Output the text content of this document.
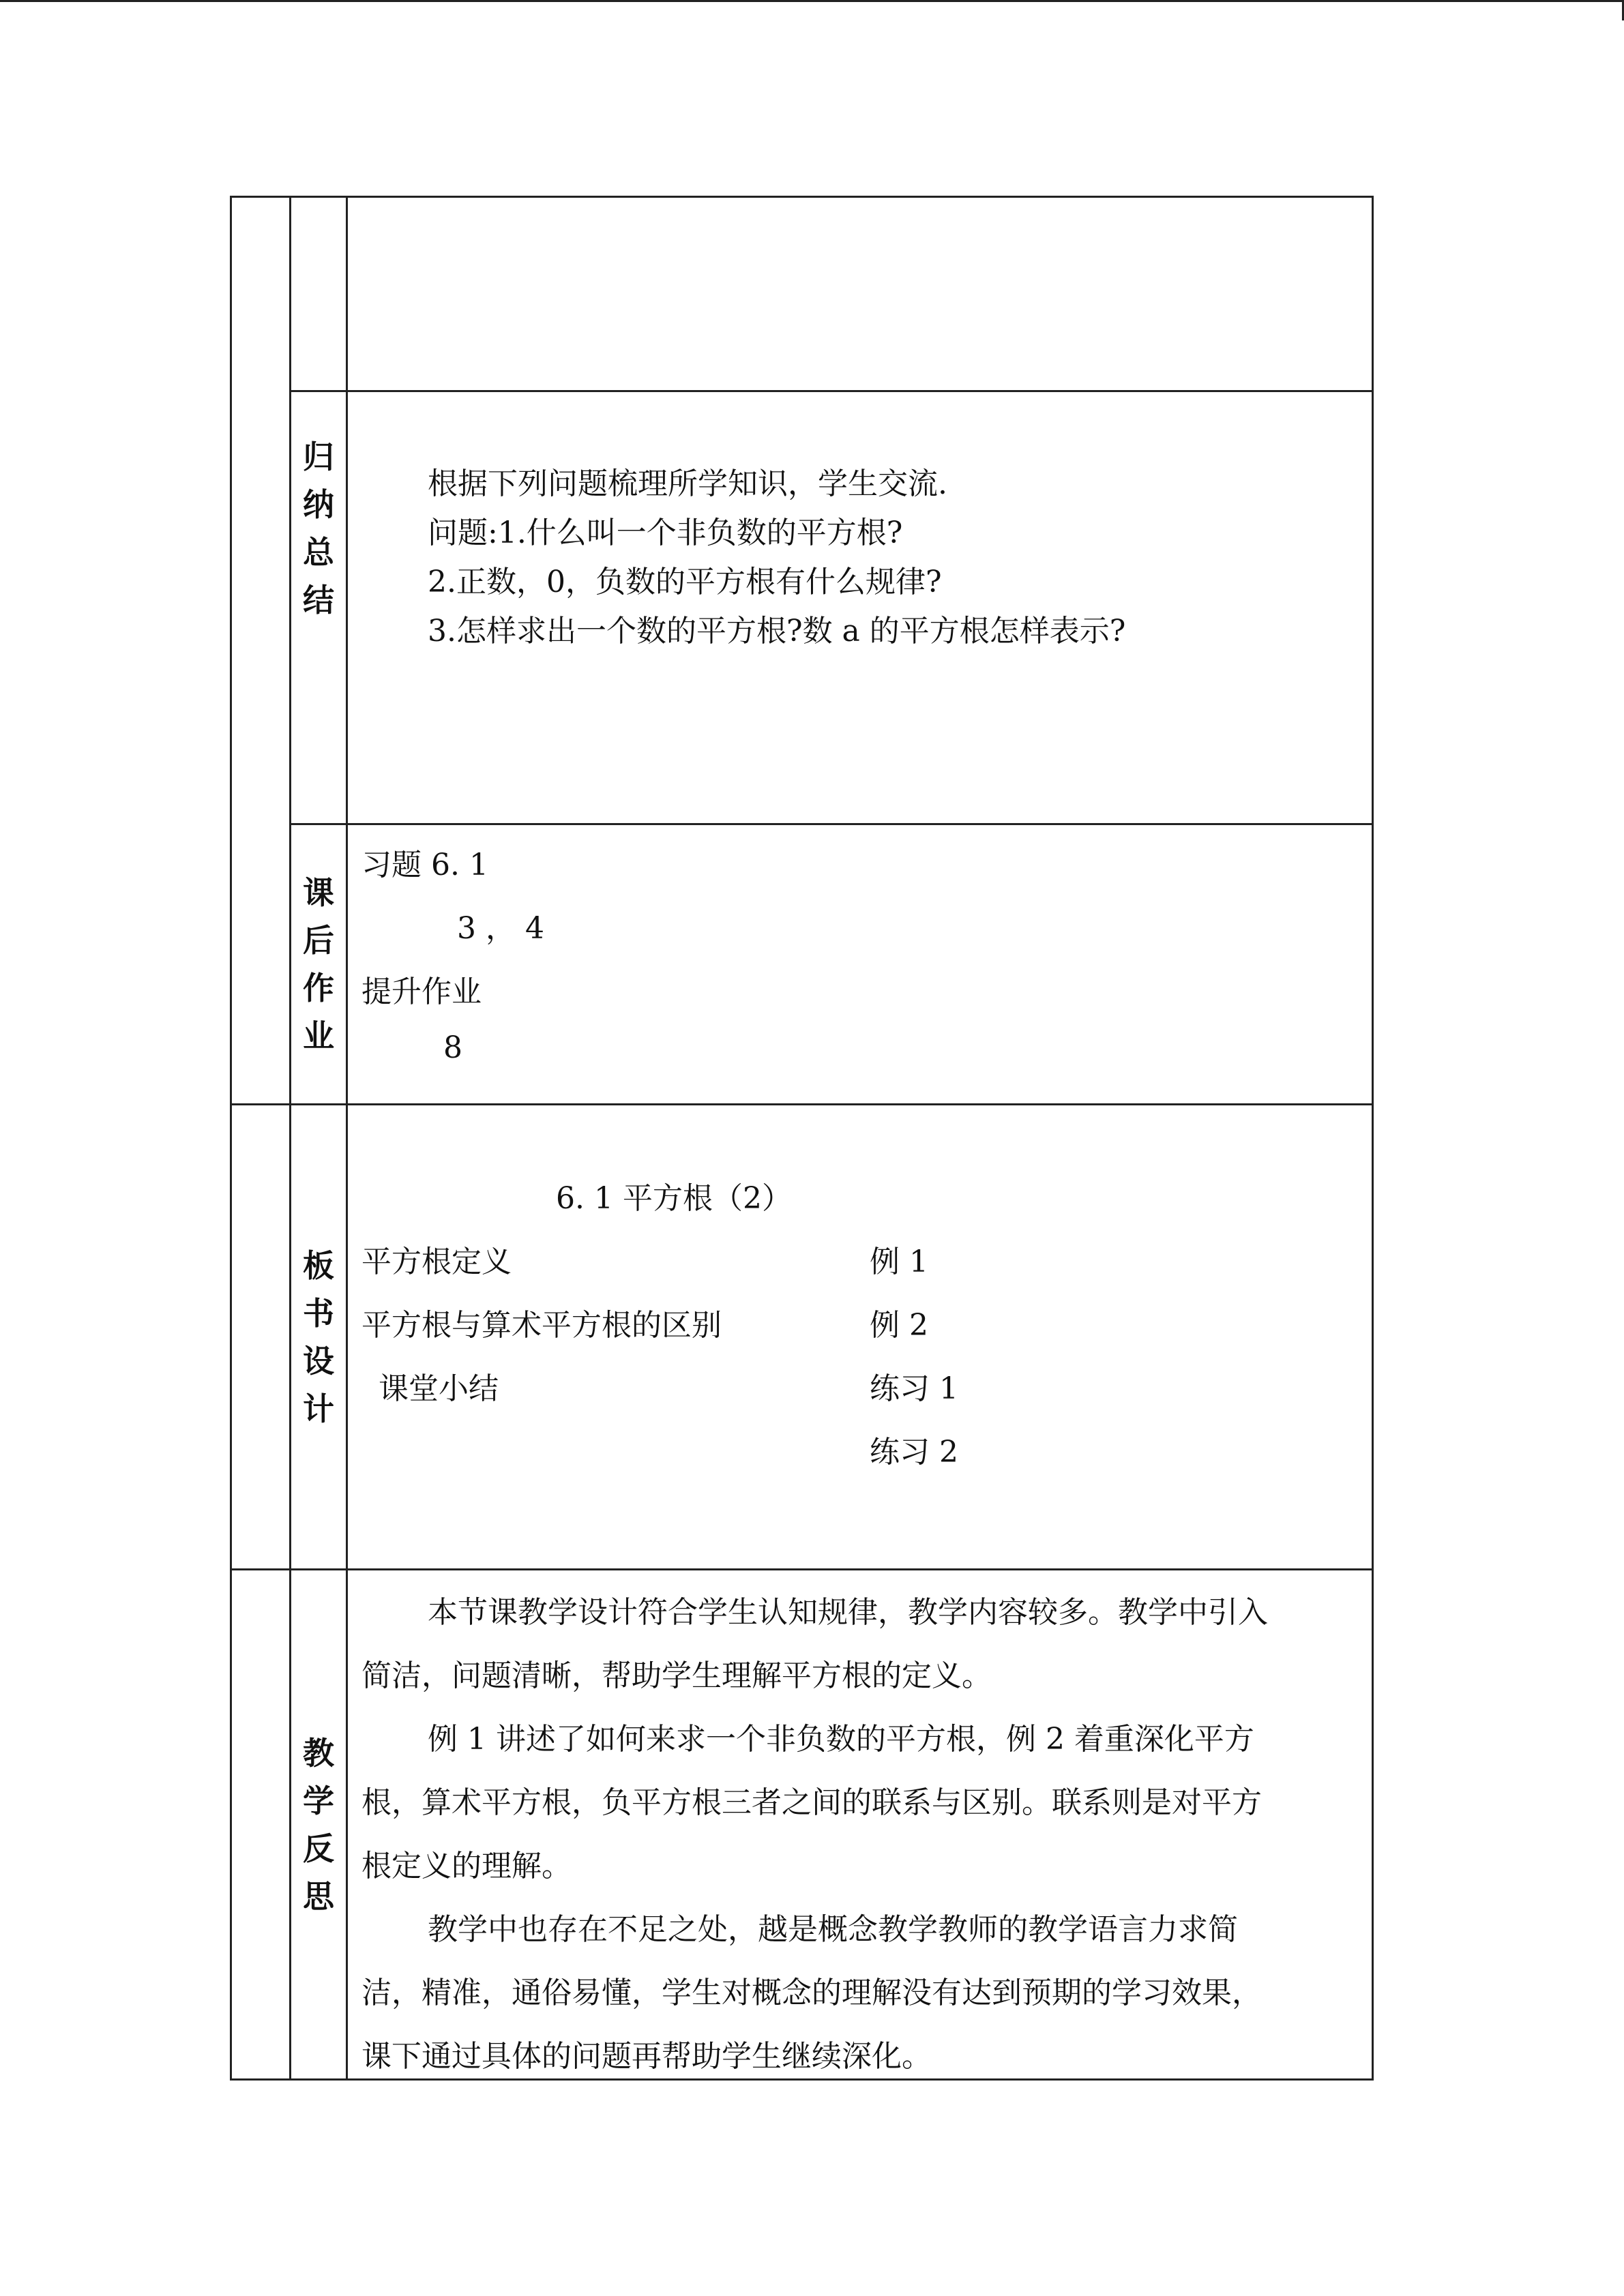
归
纳
总
结
根据下列问题梳理所学知识，学生交流.
问题:1.什么叫一个非负数的平方根?
2.正数，0，负数的平方根有什么规律?
3.怎样求出一个数的平方根?数 a 的平方根怎样表示?
课
后
作
业
习题 6. 1
3 ， 4
提升作业
8
板
书
设
计
6. 1 平方根（2）
平方根定义
平方根与算术平方根的区别
课堂小结
例 1
例 2
练习 1
练习 2
教
学
反
思
本节课教学设计符合学生认知规律，教学内容较多。教学中引入
简洁，问题清晰，帮助学生理解平方根的定义。
例 1 讲述了如何来求一个非负数的平方根，例 2 着重深化平方
根，算术平方根，负平方根三者之间的联系与区别。联系则是对平方
根定义的理解。
教学中也存在不足之处，越是概念教学教师的教学语言力求简
洁，精准，通俗易懂，学生对概念的理解没有达到预期的学习效果，
课下通过具体的问题再帮助学生继续深化。
